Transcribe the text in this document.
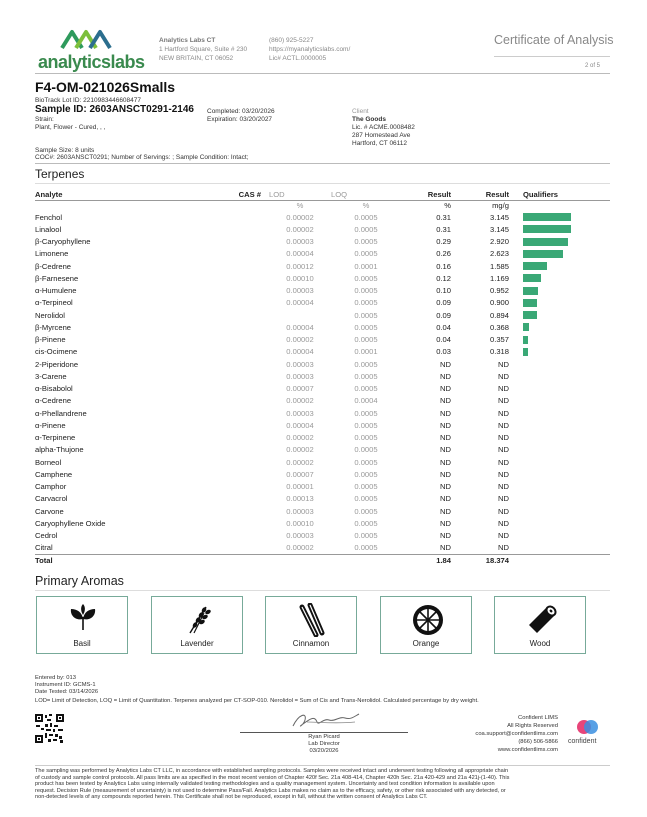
analyticslabs
Analytics Labs CT
1 Hartford Square, Suite # 230
NEW BRITAIN, CT 06052
(860) 925-5227
https://myanalyticslabs.com/
Lic# ACTL.0000005
Certificate of Analysis
2 of 5
F4-OM-021026Smalls
BioTrack Lot ID: 2210983446608477
Sample ID: 2603ANSCT0291-2146 Completed: 03/20/2026
Expiration: 03/20/2027
Strain:
Plant, Flower - Cured, , ,
Client
The Goods
Lic. # ACME.0008482
287 Homestead Ave
Hartford, CT 06112
Sample Size: 8 units
COC#: 2603ANSCT0291; Number of Servings: ; Sample Condition: Intact;
Terpenes
Analyte	CAS #	LOD	LOQ	Result	Result	Qualifiers
		%	%	%	mg/g	
Fenchol		0.00002	0.0005	0.31	3.145	

Linalool		0.00002	0.0005	0.31	3.145	

β-Caryophyllene		0.00003	0.0005	0.29	2.920	

Limonene		0.00004	0.0005	0.26	2.623	

β-Cedrene		0.00012	0.0001	0.16	1.585	

β-Farnesene		0.00010	0.0005	0.12	1.169	

α-Humulene		0.00003	0.0005	0.10	0.952	

α-Terpineol		0.00004	0.0005	0.09	0.900	

Nerolidol			0.0005	0.09	0.894	

β-Myrcene		0.00004	0.0005	0.04	0.368	

β-Pinene		0.00002	0.0005	0.04	0.357	

cis-Ocimene		0.00004	0.0001	0.03	0.318	

2-Piperidone		0.00003	0.0005	ND	ND	
3-Carene		0.00003	0.0005	ND	ND	
α-Bisabolol		0.00007	0.0005	ND	ND	
α-Cedrene		0.00002	0.0004	ND	ND	
α-Phellandrene		0.00003	0.0005	ND	ND	
α-Pinene		0.00004	0.0005	ND	ND	
α-Terpinene		0.00002	0.0005	ND	ND	
alpha-Thujone		0.00002	0.0005	ND	ND	
Borneol		0.00002	0.0005	ND	ND	
Camphene		0.00007	0.0005	ND	ND	
Camphor		0.00001	0.0005	ND	ND	
Carvacrol		0.00013	0.0005	ND	ND	
Carvone		0.00003	0.0005	ND	ND	
Caryophyllene Oxide		0.00010	0.0005	ND	ND	
Cedrol		0.00003	0.0005	ND	ND	
Citral		0.00002	0.0005	ND	ND	
Total				1.84	18.374	
Primary Aromas
Basil	Lavender	Cinnamon	Orange	Wood
Entered by: 013
Instrument ID: GCMS-1
Date Tested: 03/14/2026
LOD= Limit of Detection, LOQ = Limit of Quantitation. Terpenes analyzed per CT-SOP-010. Nerolidol = Sum of Cis and Trans-Nerolidol. Calculated percentage by dry weight.
Ryan Picard
Lab Director
03/20/2026
Confident LIMS
All Rights Reserved
coa.support@confidentlims.com
(866) 506-5866
www.confidentlims.com
confident
The sampling was performed by Analytics Labs CT LLC, in accordance with established sampling protocols. Samples were received intact and underwent testing following all appropriate chain
of custody and sample control protocols. All pass limits are as specified in the most recent version of Chapter 420f Sec. 21a 408-414, Chapter 420h Sec. 21a 420-429 and 21a 421j-(1-40). This
product has been tested by Analytics Labs using internally validated testing methodologies and a quality management system. Uncertainty and test condition information is available upon
request. Decision Rule (measurement of uncertainty) is not used to determine Pass/Fail. Analytics Labs makes no claim as to the efficacy, safety, or other risk associated with any detected, or
non-detected levels of any compounds reported herein. This Certificate shall not be reproduced, except in full, without the written consent of Analytics Labs CT.
